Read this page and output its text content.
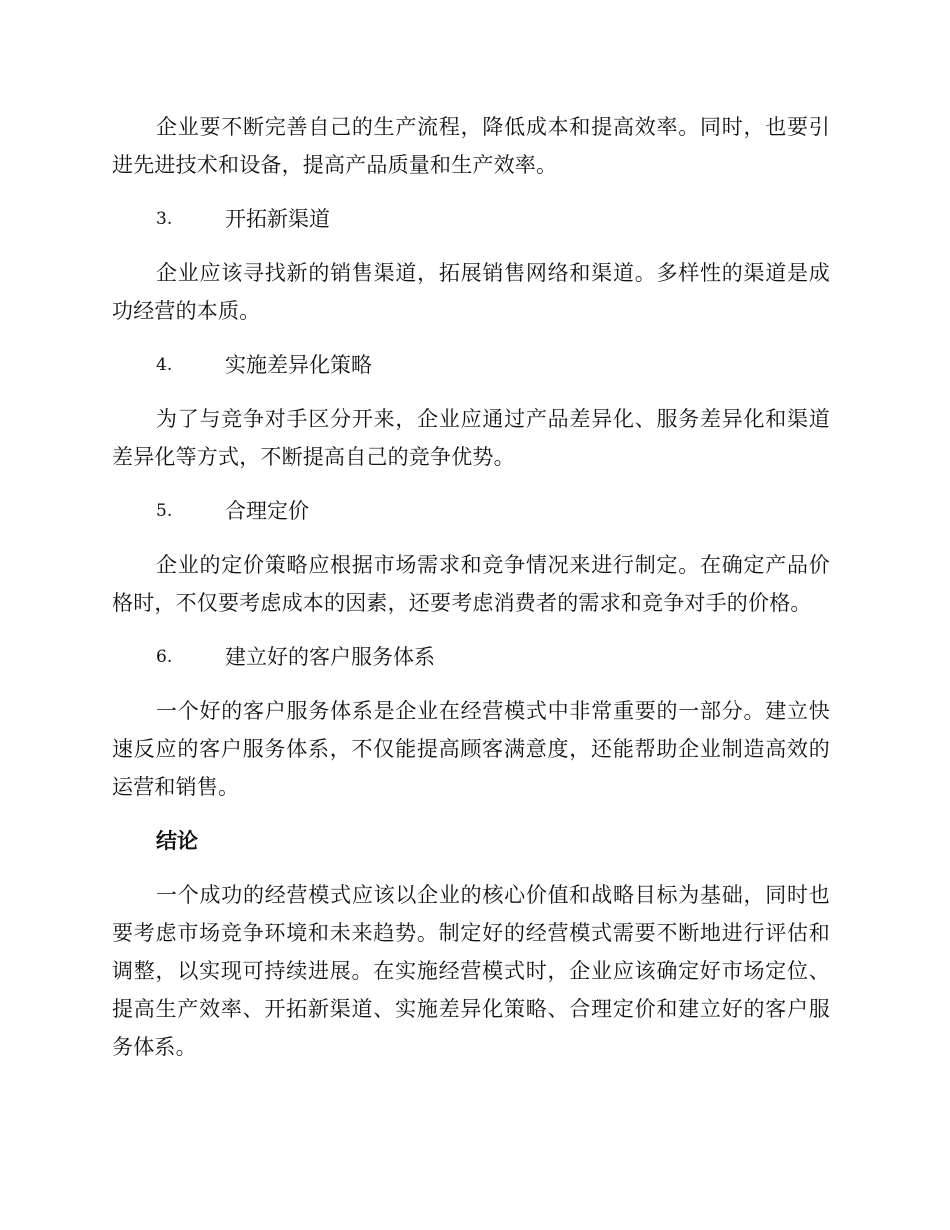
企业要不断完善自己的生产流程，降低成本和提高效率。同时，也要引进先进技术和设备，提高产品质量和生产效率。

3.	开拓新渠道

企业应该寻找新的销售渠道，拓展销售网络和渠道。多样性的渠道是成功经营的本质。

4.	实施差异化策略

为了与竞争对手区分开来，企业应通过产品差异化、服务差异化和渠道差异化等方式，不断提高自己的竞争优势。

5.	合理定价

企业的定价策略应根据市场需求和竞争情况来进行制定。在确定产品价格时，不仅要考虑成本的因素，还要考虑消费者的需求和竞争对手的价格。

6.	建立好的客户服务体系

一个好的客户服务体系是企业在经营模式中非常重要的一部分。建立快速反应的客户服务体系，不仅能提高顾客满意度，还能帮助企业制造高效的运营和销售。

结论

一个成功的经营模式应该以企业的核心价值和战略目标为基础，同时也要考虑市场竞争环境和未来趋势。制定好的经营模式需要不断地进行评估和调整，以实现可持续进展。在实施经营模式时，企业应该确定好市场定位、提高生产效率、开拓新渠道、实施差异化策略、合理定价和建立好的客户服务体系。
